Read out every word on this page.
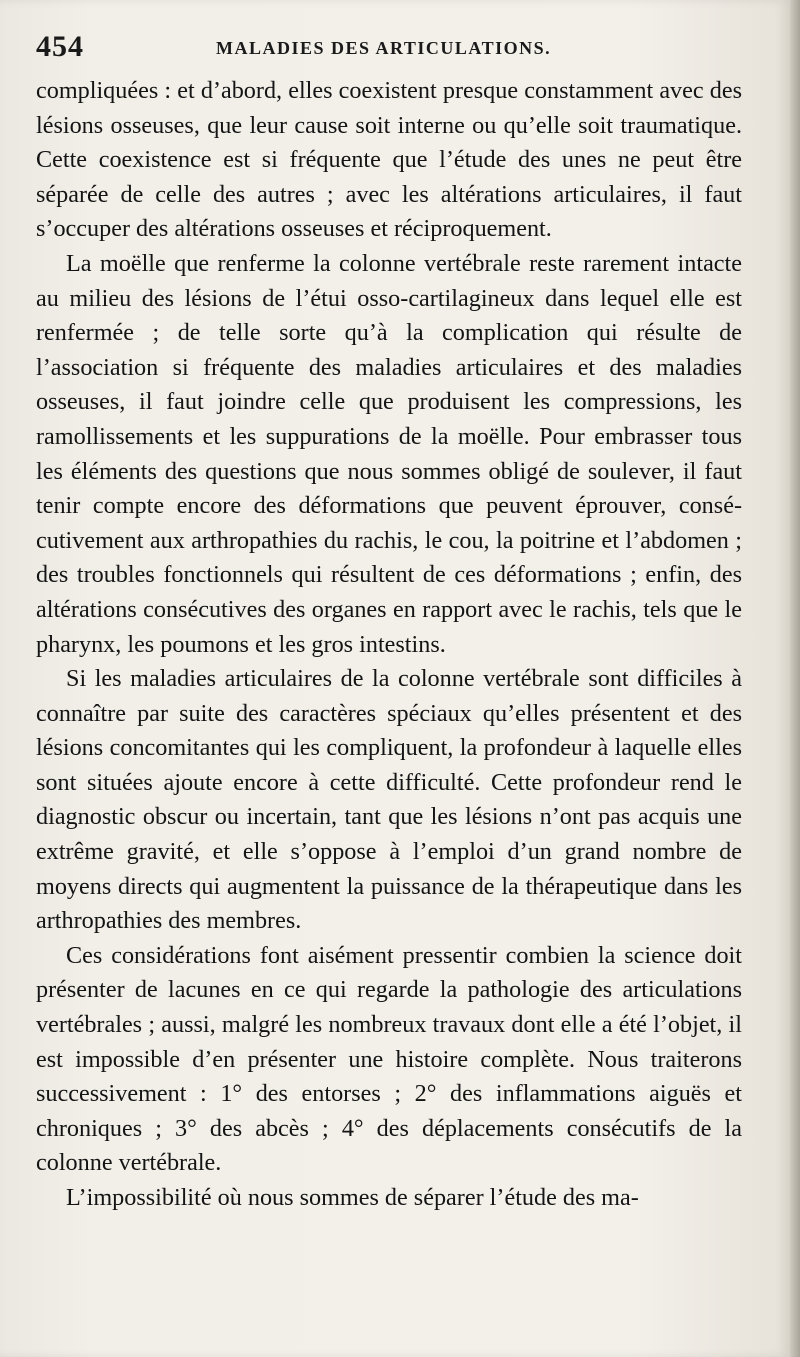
454	MALADIES DES ARTICULATIONS.

compliquées : et d’abord, elles coexistent presque constamment avec des lésions osseuses, que leur cause soit interne ou qu’elle soit traumatique. Cette coexistence est si fréquente que l’étude des unes ne peut être séparée de celle des autres ; avec les altérations articulaires, il faut s’occuper des altérations osseuses et réciproquement.

La moëlle que renferme la colonne vertébrale reste rarement intacte au milieu des lésions de l’étui osso-cartilagineux dans lequel elle est renfermée ; de telle sorte qu’à la complication qui résulte de l’association si fréquente des maladies articulaires et des maladies osseuses, il faut joindre celle que produisent les compressions, les ramollissements et les suppurations de la moëlle. Pour embrasser tous les éléments des questions que nous sommes obligé de soulever, il faut tenir compte encore des déformations que peuvent éprouver, consécutivement aux arthropathies du rachis, le cou, la poitrine et l’abdomen ; des troubles fonctionnels qui résultent de ces déformations ; enfin, des altérations consécutives des organes en rapport avec le rachis, tels que le pharynx, les poumons et les gros intestins.

Si les maladies articulaires de la colonne vertébrale sont difficiles à connaître par suite des caractères spéciaux qu’elles présentent et des lésions concomitantes qui les compliquent, la profondeur à laquelle elles sont situées ajoute encore à cette difficulté. Cette profondeur rend le diagnostic obscur ou incertain, tant que les lésions n’ont pas acquis une extrême gravité, et elle s’oppose à l’emploi d’un grand nombre de moyens directs qui augmentent la puissance de la thérapeutique dans les arthropathies des membres.

Ces considérations font aisément pressentir combien la science doit présenter de lacunes en ce qui regarde la pathologie des articulations vertébrales ; aussi, malgré les nombreux travaux dont elle a été l’objet, il est impossible d’en présenter une histoire complète. Nous traiterons successivement : 1° des entorses ; 2° des inflammations aiguës et chroniques ; 3° des abcès ; 4° des déplacements consécutifs de la colonne vertébrale.

L’impossibilité où nous sommes de séparer l’étude des ma-
